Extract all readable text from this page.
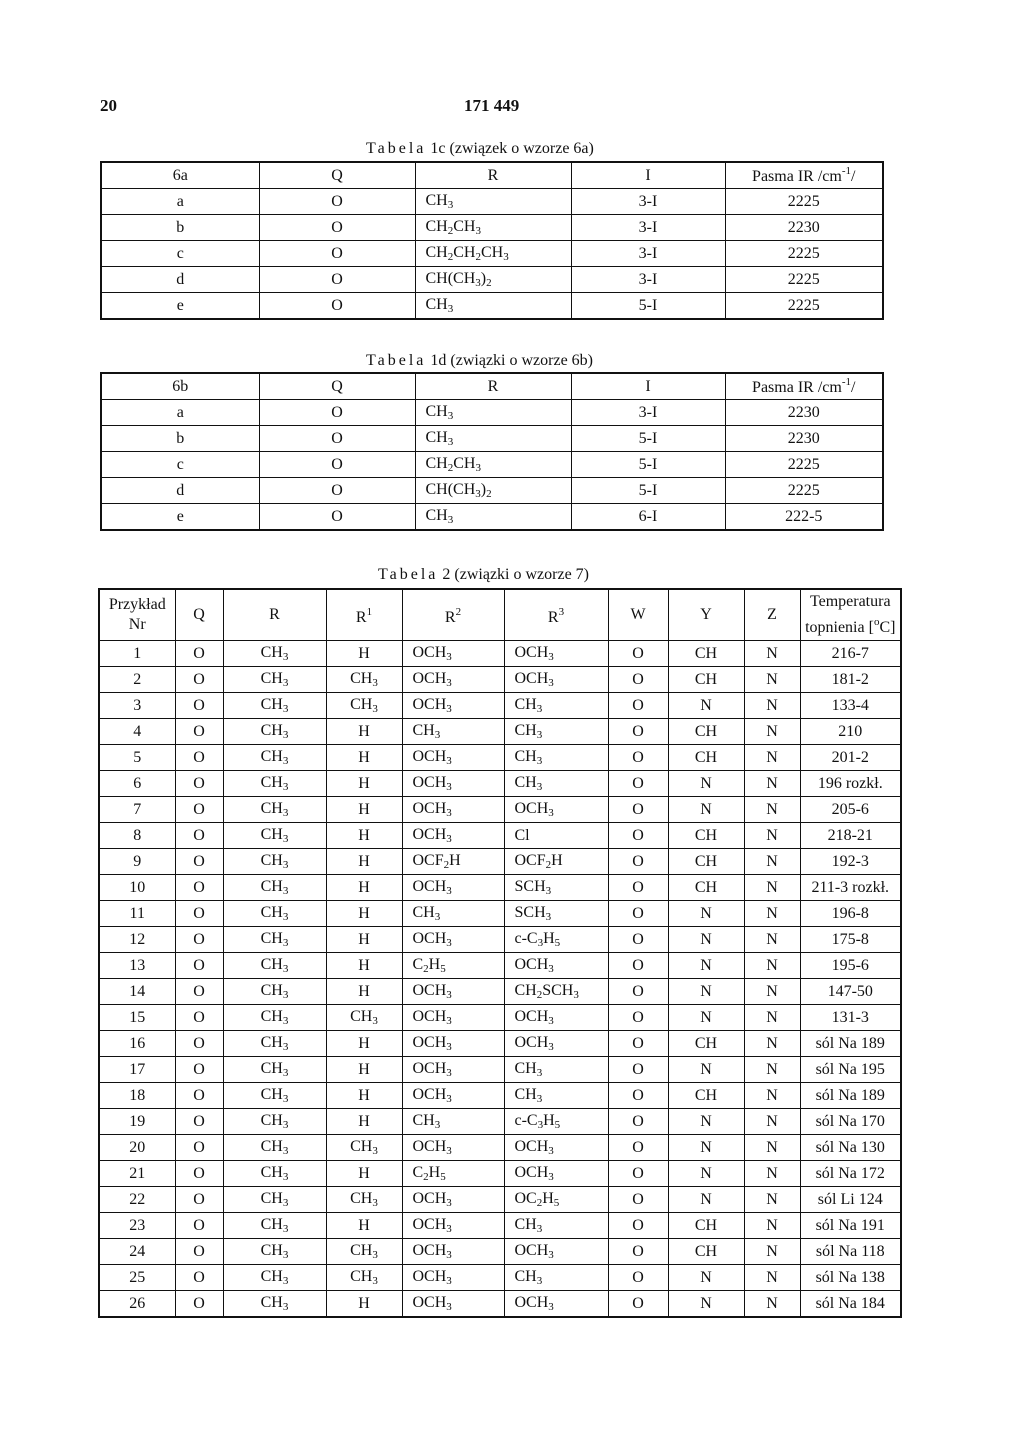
20	171 449
Tabela 1c (związek o wzorze 6a)
6a	Q	R	I	Pasma IR $/cm^{-1}/$
a	O	$CH_3$	3-I	2225
b	O	$CH_2CH_3$	3-I	2230
c	O	$CH_2CH_2CH_3$	3-I	2225
d	O	$CH(CH_3)_2$	3-I	2225
e	O	$CH_3$	5-I	2225
Tabela 1d (związki o wzorze 6b)
6b	Q	R	I	Pasma IR $/cm^{-1}/$
a	O	$CH_3$	3-I	2230
b	O	$CH_3$	5-I	2230
c	O	$CH_2CH_3$	5-I	2225
d	O	$CH(CH_3)_2$	5-I	2225
e	O	$CH_3$	6-I	222-5
Tabela 2 (związki o wzorze 7)
Przykład Nr	Q	R	$R^1$	$R^2$	$R^3$	W	Y	Z	Temperatura topnienia [$^o$C]
1	O	$CH_3$	H	$OCH_3$	$OCH_3$	O	CH	N	216-7
2	O	$CH_3$	$CH_3$	$OCH_3$	$OCH_3$	O	CH	N	181-2
3	O	$CH_3$	$CH_3$	$OCH_3$	$CH_3$	O	N	N	133-4
4	O	$CH_3$	H	$CH_3$	$CH_3$	O	CH	N	210
5	O	$CH_3$	H	$OCH_3$	$CH_3$	O	CH	N	201-2
6	O	$CH_3$	H	$OCH_3$	$CH_3$	O	N	N	196 rozkł.
7	O	$CH_3$	H	$OCH_3$	$OCH_3$	O	N	N	205-6
8	O	$CH_3$	H	$OCH_3$	Cl	O	CH	N	218-21
9	O	$CH_3$	H	$OCF_2H$	$OCF_2H$	O	CH	N	192-3
10	O	$CH_3$	H	$OCH_3$	$SCH_3$	O	CH	N	211-3 rozkł.
11	O	$CH_3$	H	$CH_3$	$SCH_3$	O	N	N	196-8
12	O	$CH_3$	H	$OCH_3$	$c-C_3H_5$	O	N	N	175-8
13	O	$CH_3$	H	$C_2H_5$	$OCH_3$	O	N	N	195-6
14	O	$CH_3$	H	$OCH_3$	$CH_2SCH_3$	O	N	N	147-50
15	O	$CH_3$	$CH_3$	$OCH_3$	$OCH_3$	O	N	N	131-3
16	O	$CH_3$	H	$OCH_3$	$OCH_3$	O	CH	N	sól Na 189
17	O	$CH_3$	H	$OCH_3$	$CH_3$	O	N	N	sól Na 195
18	O	$CH_3$	H	$OCH_3$	$CH_3$	O	CH	N	sól Na 189
19	O	$CH_3$	H	$CH_3$	$c-C_3H_5$	O	N	N	sól Na 170
20	O	$CH_3$	$CH_3$	$OCH_3$	$OCH_3$	O	N	N	sól Na 130
21	O	$CH_3$	H	$C_2H_5$	$OCH_3$	O	N	N	sól Na 172
22	O	$CH_3$	$CH_3$	$OCH_3$	$OC_2H_5$	O	N	N	sól Li 124
23	O	$CH_3$	H	$OCH_3$	$CH_3$	O	CH	N	sól Na 191
24	O	$CH_3$	$CH_3$	$OCH_3$	$OCH_3$	O	CH	N	sól Na 118
25	O	$CH_3$	$CH_3$	$OCH_3$	$CH_3$	O	N	N	sól Na 138
26	O	$CH_3$	H	$OCH_3$	$OCH_3$	O	N	N	sól Na 184
